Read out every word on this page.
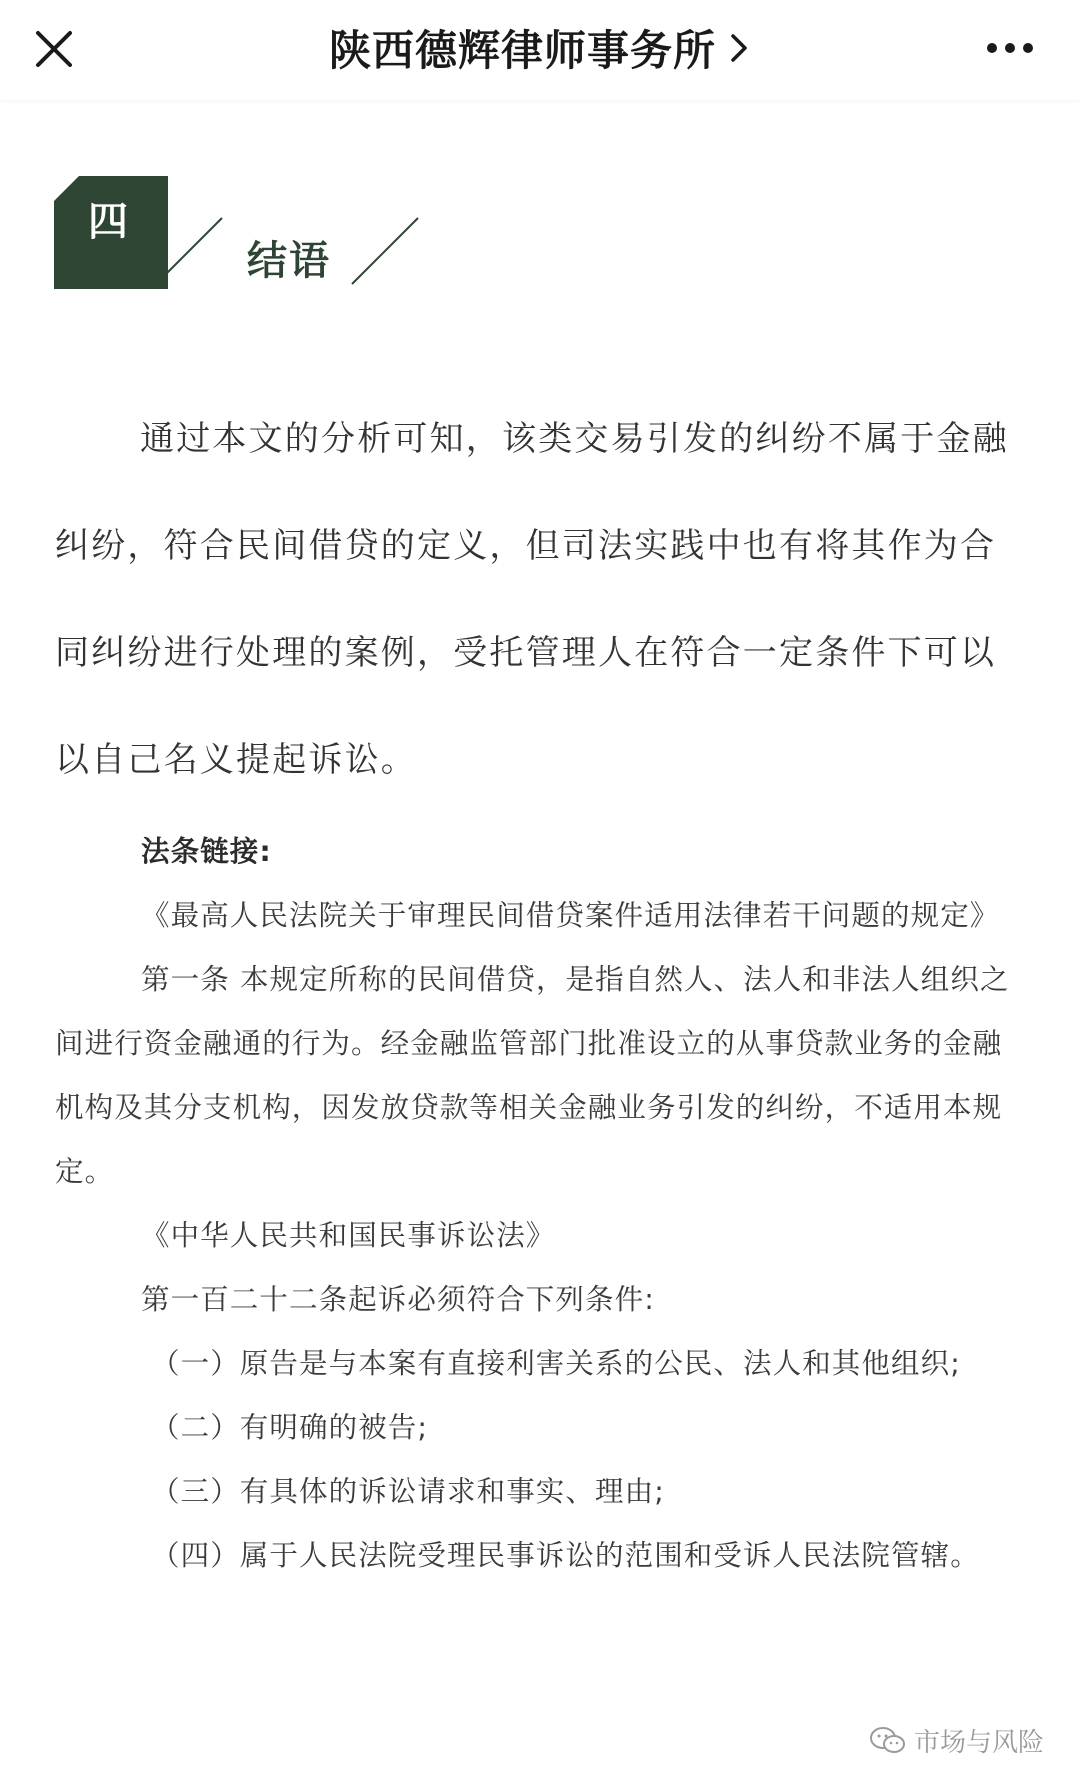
陕西德辉律师事务所
四
结语

通过本文的分析可知，该类交易引发的纠纷不属于金融纠纷，符合民间借贷的定义，但司法实践中也有将其作为合同纠纷进行处理的案例，受托管理人在符合一定条件下可以以自己名义提起诉讼。

法条链接:

《最高人民法院关于审理民间借贷案件适用法律若干问题的规定》

第一条 本规定所称的民间借贷，是指自然人、法人和非法人组织之间进行资金融通的行为。经金融监管部门批准设立的从事贷款业务的金融机构及其分支机构，因发放贷款等相关金融业务引发的纠纷，不适用本规定。

《中华人民共和国民事诉讼法》

第一百二十二条起诉必须符合下列条件:

（一）原告是与本案有直接利害关系的公民、法人和其他组织;

（二）有明确的被告;

（三）有具体的诉讼请求和事实、理由;

（四）属于人民法院受理民事诉讼的范围和受诉人民法院管辖。

市场与风险
